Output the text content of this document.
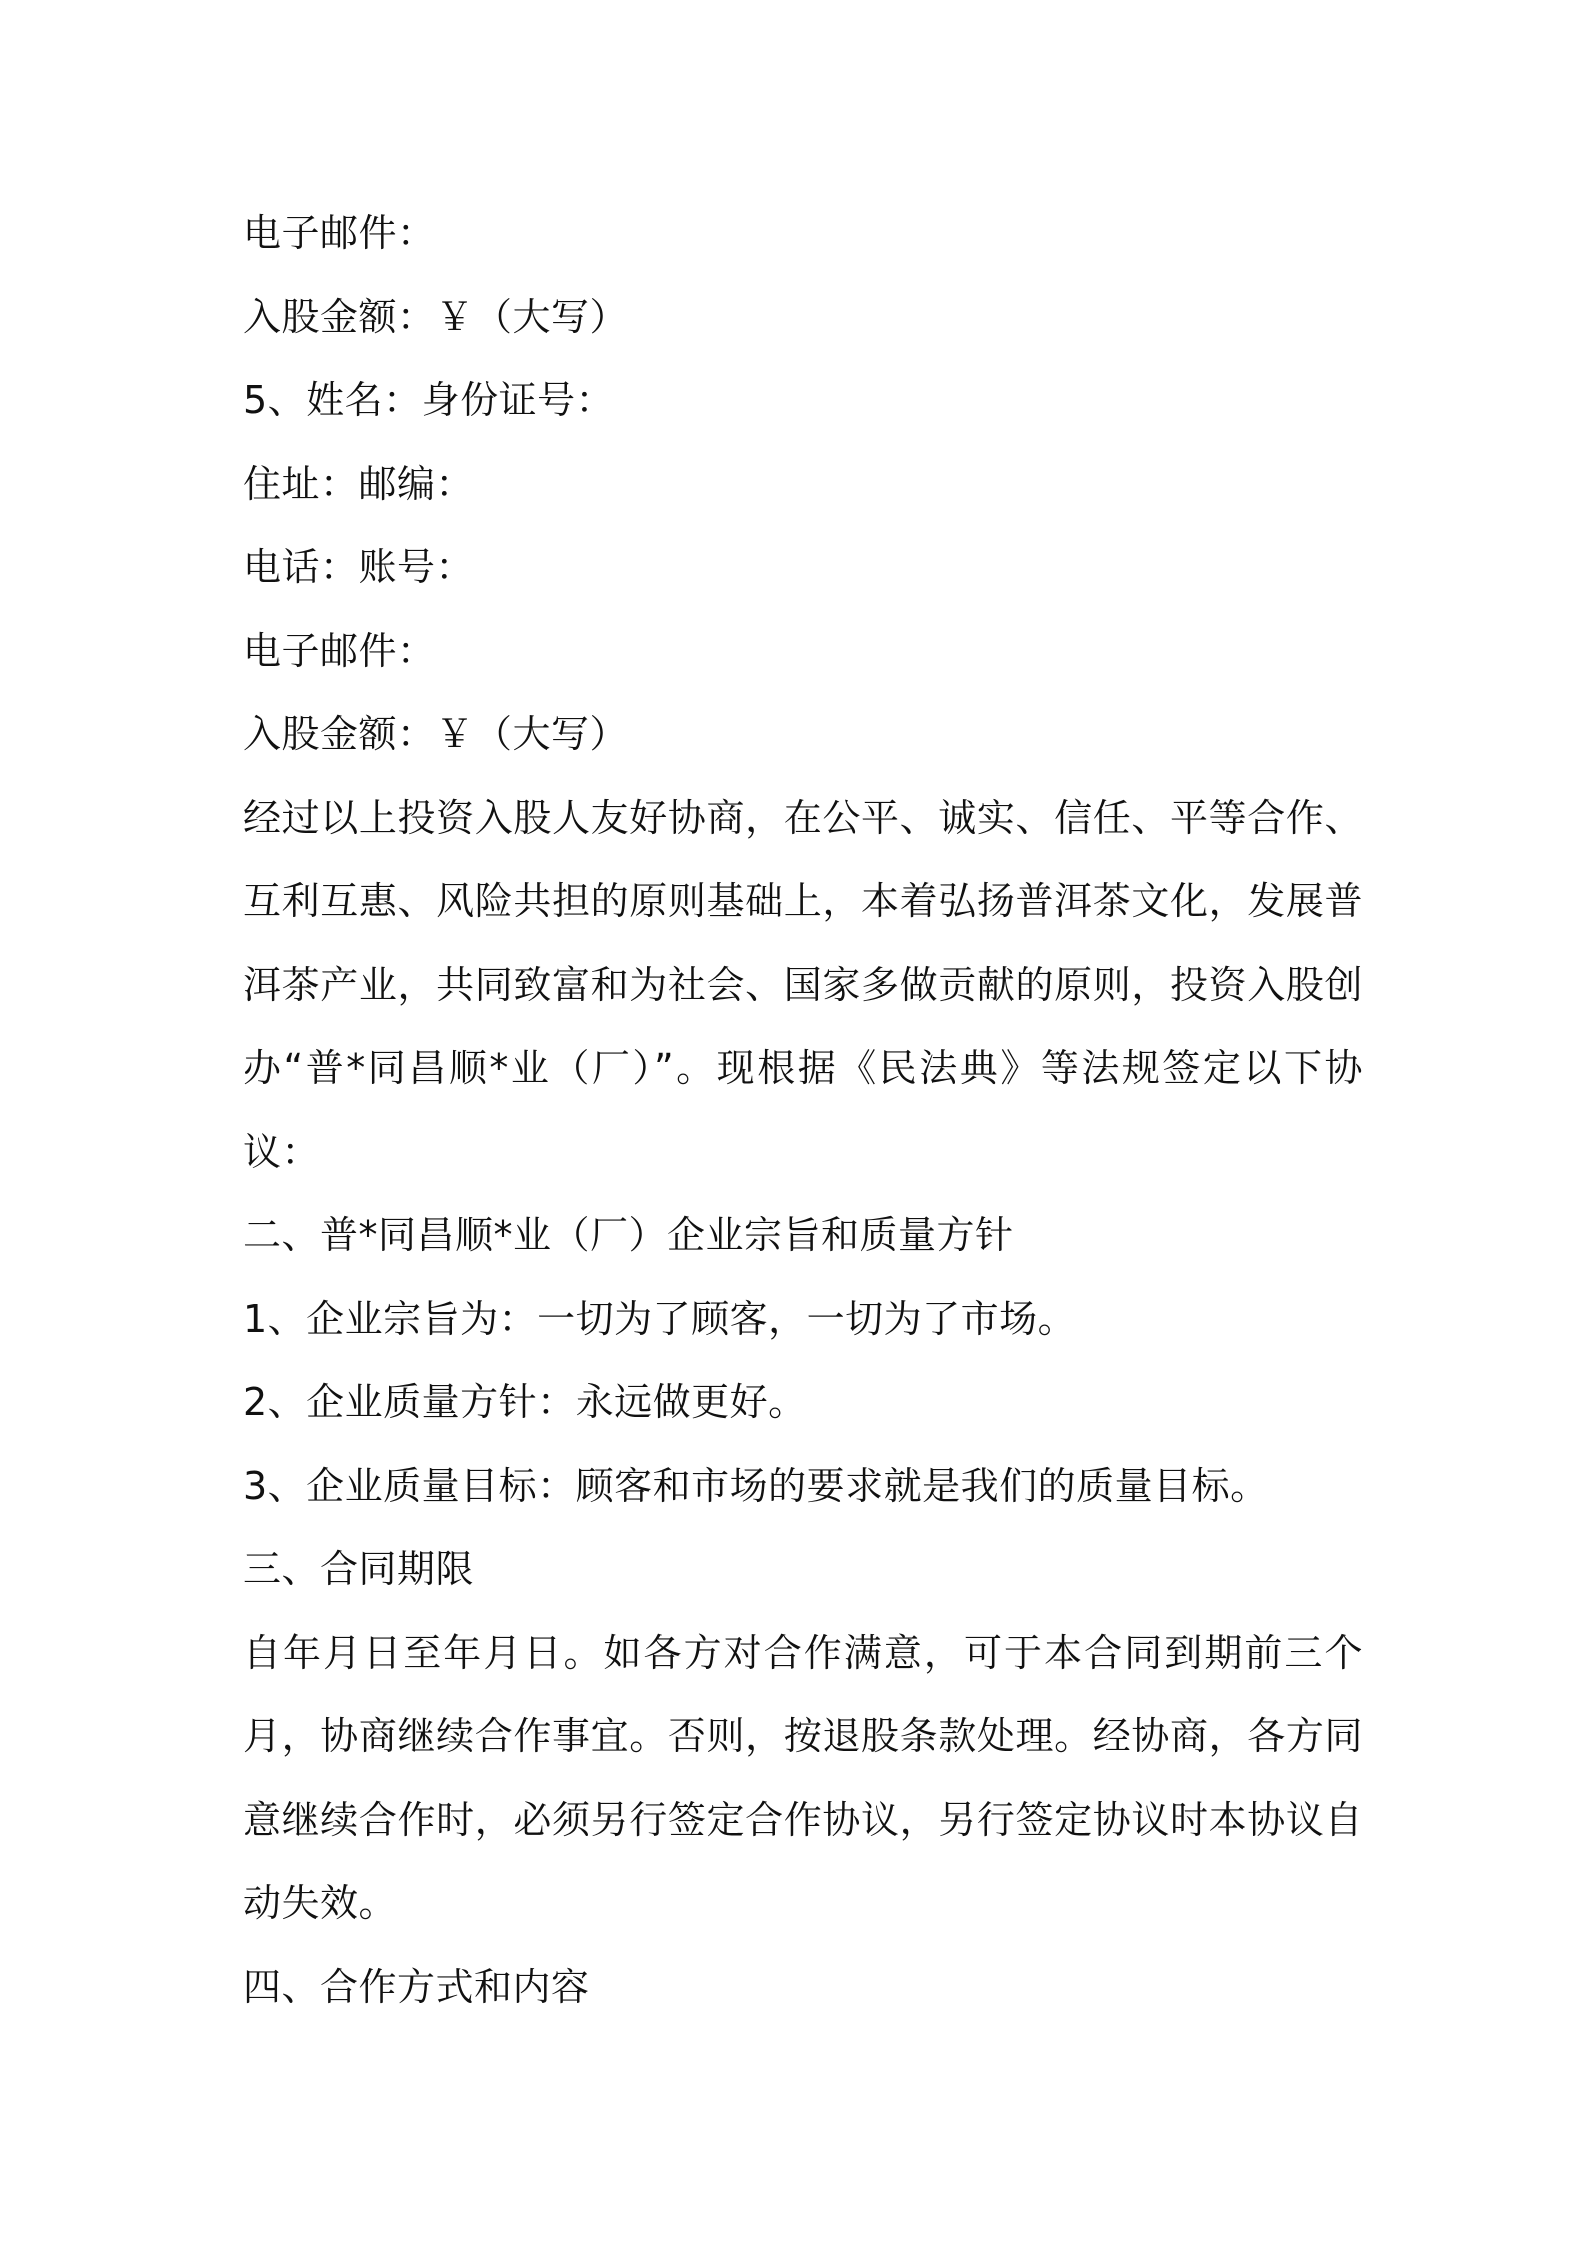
电子邮件：
入股金额：￥（大写）
5、姓名：身份证号：
住址：邮编：
电话：账号：
电子邮件：
入股金额：￥（大写）
经过以上投资入股人友好协商，在公平、诚实、信任、平等合作、互利互惠、风险共担的原则基础上，本着弘扬普洱茶文化，发展普洱茶产业，共同致富和为社会、国家多做贡献的原则，投资入股创办“普*同昌顺*业（厂）”。现根据《民法典》等法规签定以下协议：
二、普*同昌顺*业（厂）企业宗旨和质量方针
1、企业宗旨为：一切为了顾客，一切为了市场。
2、企业质量方针：永远做更好。
3、企业质量目标：顾客和市场的要求就是我们的质量目标。
三、合同期限
自年月日至年月日。如各方对合作满意，可于本合同到期前三个月，协商继续合作事宜。否则，按退股条款处理。经协商，各方同意继续合作时，必须另行签定合作协议，另行签定协议时本协议自动失效。
四、合作方式和内容
